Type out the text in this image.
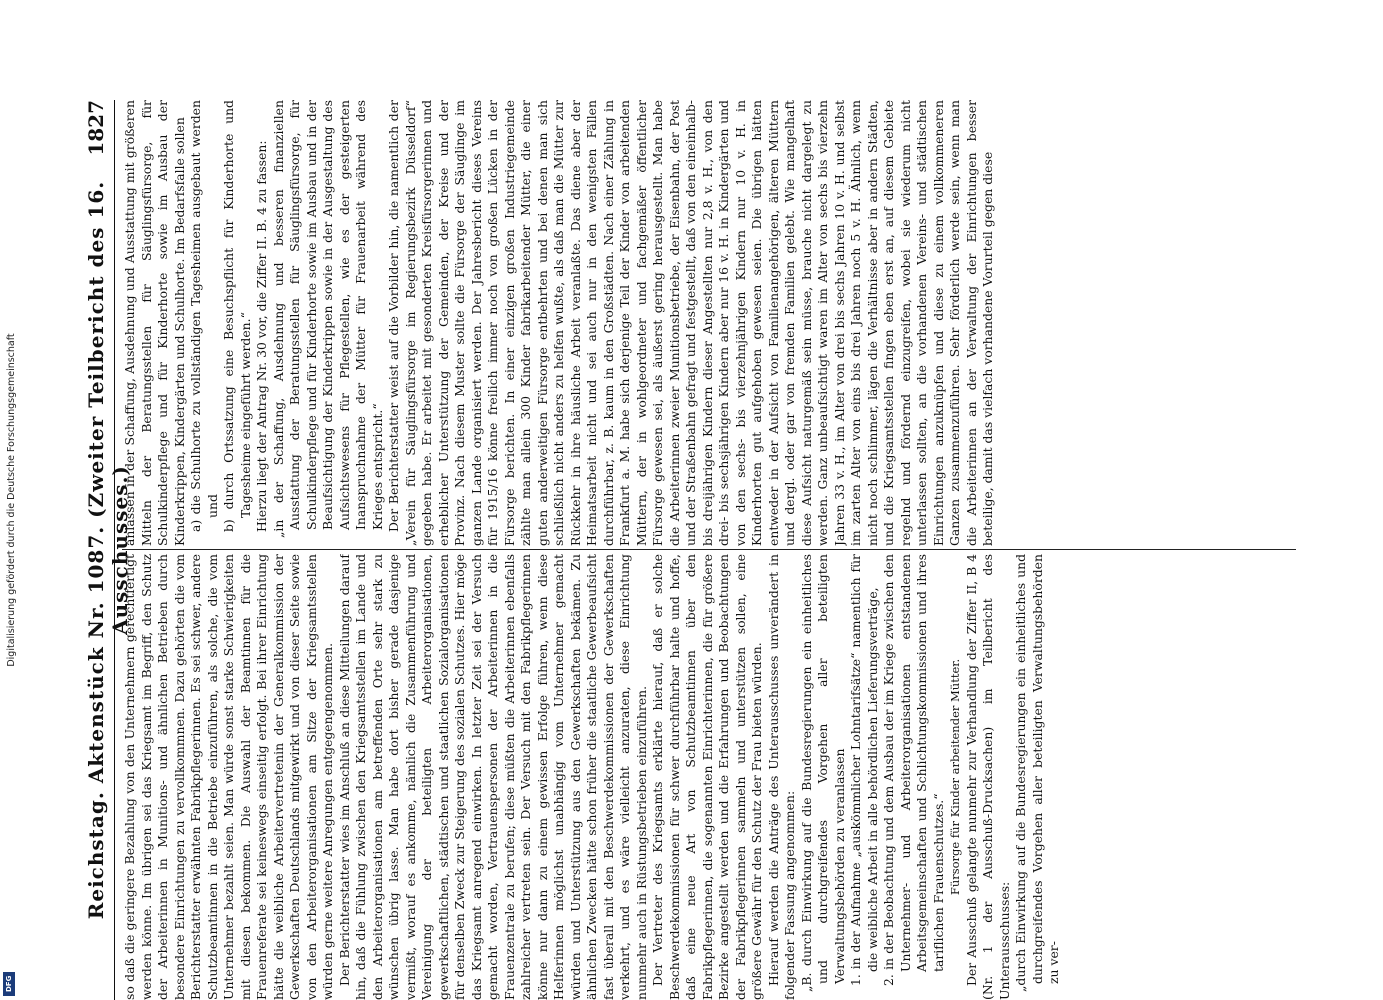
Reichstag. Aktenstück Nr. 1087. (Zweiter Teilbericht des 16. Ausschusses.)
1827

so daß die geringere Bezahlung von den Unternehmern gerechtfertigt werden könne. Im übrigen sei das Kriegsamt im Begriff, den Schutz der Arbeiterinnen in Munitions- und ähnlichen Betrieben durch besondere Einrichtungen zu vervollkommnen. Dazu gehörten die vom Berichterstatter erwähnten Fabrikpflegerinnen. Es sei schwer, andere Schutzbeamtinnen in die Betriebe einzuführen, als solche, die vom Unternehmer bezahlt seien. Man würde sonst starke Schwierigkeiten mit diesen bekommen. Die Auswahl der Beamtinnen für die Frauenreferate sei keineswegs einseitig erfolgt. Bei ihrer Einrichtung hätte die weibliche Arbeitervertretenin der Generalkommission der Gewerkschaften Deutschlands mitgewirkt und von dieser Seite sowie von den Arbeiterorganisationen am Sitze der Kriegsamtsstellen würden gerne weitere Anregungen entgegengenommen. Der Berichterstatter wies im Anschluß an diese Mitteilungen darauf hin, daß die Fühlung zwischen den Kriegsamtsstellen im Lande und den Arbeiterorganisationen am betreffenden Orte sehr stark zu wünschen übrig lasse. Man habe dort bisher gerade dasjenige vermißt, worauf es ankomme, nämlich die Zusammenführung und Vereinigung der beteiligten Arbeiterorganisationen, gewerkschaftlichen, städtischen und staatlichen Sozialorganisationen für denselben Zweck zur Steigerung des sozialen Schutzes. Hier möge das Kriegsamt anregend einwirken. In letzter Zeit sei der Versuch gemacht worden, Vertrauenspersonen der Arbeiterinnen in die Frauenzentrale zu berufen; diese müßten die Arbeiterinnen ebenfalls zahlreicher vertreten sein. Der Versuch mit den Fabrikpflegerinnen könne nur dann zu einem gewissen Erfolge führen, wenn diese Helferinnen möglichst unabhängig vom Unternehmer gemacht würden und Unterstützung aus den Gewerkschaften bekämen. Zu ähnlichen Zwecken hätte schon früher die staatliche Gewerbeaufsicht fast überall mit den Beschwerdekommissionen der Gewerkschaften verkehrt, und es wäre vielleicht anzuraten, diese Einrichtung nunmehr auch in Rüstungsbetrieben einzuführen. Der Vertreter des Kriegsamts erklärte hierauf, daß er solche Beschwerdekommissionen für schwer durchführbar halte und hoffe, daß eine neue Art von Schutzbeamtinnen über den Fabrikpflegerinnen, die sogenannten Einrichterinnen, die für größere Bezirke angestellt werden und die Erfahrungen und Beobachtungen der Fabrikpflegerinnen sammeln und unterstützen sollen, eine größere Gewähr für den Schutz der Frau bieten würden. Hierauf werden die Anträge des Unterausschusses unverändert in folgender Fassung angenommen: „B. durch Einwirkung auf die Bundesregierungen ein einheitliches und durchgreifendes Vorgehen aller beteiligten Verwaltungsbehörden zu veranlassen 1. in der Aufnahme „auskömmlicher Lohntarifsätze“ namentlich für die weibliche Arbeit in alle behördlichen Lieferungsverträge, 2. in der Beobachtung und dem Ausbau der im Kriege zwischen den Unternehmer- und Arbeiterorganisationen entstandenen Arbeitsgemeinschaften und Schlichtungskommissionen und ihres tariflichen Frauenschutzes.“ Fürsorge für Kinder arbeitender Mütter. Der Ausschuß gelangte nunmehr zur Verhandlung der Ziffer II, B 4 (Nr. 1 der Ausschuß-Drucksachen) im Teilbericht des Unterausschusses: „durch Einwirkung auf die Bundesregierungen ein einheitliches und durchgreifendes Vorgehen aller beteiligten Verwaltungsbehörden zu ver-

anlassen in der Schaffung, Ausdehnung und Ausstattung mit größeren Mitteln der Beratungsstellen für Säuglingsfürsorge, für Schulkinderpflege und für Kinderhorte sowie im Ausbau der Kinderkrippen, Kindergärten und Schulhorte. Im Bedarfsfalle sollen a) die Schulhorte zu vollständigen Tagesheimen ausgebaut werden und b) durch Ortssatzung eine Besuchspflicht für Kinderhorte und Tagesheime eingeführt werden.“ Hierzu liegt der Antrag Nr. 30 vor, die Ziffer II. B. 4 zu fassen: „in der Schaffung, Ausdehnung und besseren finanziellen Ausstattung der Beratungsstellen für Säuglingsfürsorge, für Schulkinderpflege und für Kinderhorte sowie im Ausbau und in der Beaufsichtigung der Kinderkrippen sowie in der Ausgestaltung des Aufsichtswesens für Pflegestellen, wie es der gesteigerten Inanspruchnahme der Mütter für Frauenarbeit während des Krieges entspricht.“ Der Berichterstatter weist auf die Vorbilder hin, die namentlich der „Verein für Säuglingsfürsorge im Regierungsbezirk Düsseldorf“ gegeben habe. Er arbeitet mit gesonderten Kreisfürsorgerinnen und erheblicher Unterstützung der Gemeinden, der Kreise und der Provinz. Nach diesem Muster sollte die Fürsorge der Säuglinge im ganzen Lande organisiert werden. Der Jahresbericht dieses Vereins für 1915/16 könne freilich immer noch von großen Lücken in der Fürsorge berichten. In einer einzigen großen Industriegemeinde zählte man allein 300 Kinder fabrikarbeitender Mütter, die einer guten anderweitigen Fürsorge entbehrten und bei denen man sich schließlich nicht anders zu helfen wußte, als daß man die Mütter zur Rückkehr in ihre häusliche Arbeit veranlaßte. Das diene aber der Heimatsarbeit nicht und sei auch nur in den wenigsten Fällen durchführbar, z. B. kaum in den Großstädten. Nach einer Zählung in Frankfurt a. M. habe sich derjenige Teil der Kinder von arbeitenden Müttern, der in wohlgeordneter und fachgemäßer öffentlicher Fürsorge gewesen sei, als äußerst gering herausgestellt. Man habe die Arbeiterinnen zweier Munitionsbetriebe, der Eisenbahn, der Post und der Straßenbahn gefragt und festgestellt, daß von den eineinhalb- bis dreijährigen Kindern dieser Angestellten nur 2,8 v. H., von den drei- bis sechsjährigen Kindern aber nur 16 v. H. in Kindergärten und von den sechs- bis vierzehnjährigen Kindern nur 10 v. H. in Kinderhorten gut aufgehoben gewesen seien. Die übrigen hätten entweder in der Aufsicht von Familienangehörigen, älteren Müttern und dergl. oder gar von fremden Familien gelebt. Wie mangelhaft diese Aufsicht naturgemäß sein müsse, brauche nicht dargelegt zu werden. Ganz unbeaufsichtigt waren im Alter von sechs bis vierzehn Jahren 33 v. H., im Alter von drei bis sechs Jahren 10 v. H. und selbst im zarten Alter von eins bis drei Jahren noch 5 v. H. Ähnlich, wenn nicht noch schlimmer, lägen die Verhältnisse aber in andern Städten, und die Kriegsamtsstellen fingen eben erst an, auf diesem Gebiete regelnd und fördernd einzugreifen, wobei sie wiederum nicht unterlassen sollten, an die vorhandenen Vereins- und städtischen Einrichtungen anzuknüpfen und diese zu einem vollkommeneren Ganzen zusammenzuführen. Sehr förderlich werde sein, wenn man die Arbeiterinnen an der Verwaltung der Einrichtungen besser beteilige, damit das vielfach vorhandene Vorurteil gegen diese

Digitalisierung gefördert durch die Deutsche Forschungsgemeinschaft
DFG
